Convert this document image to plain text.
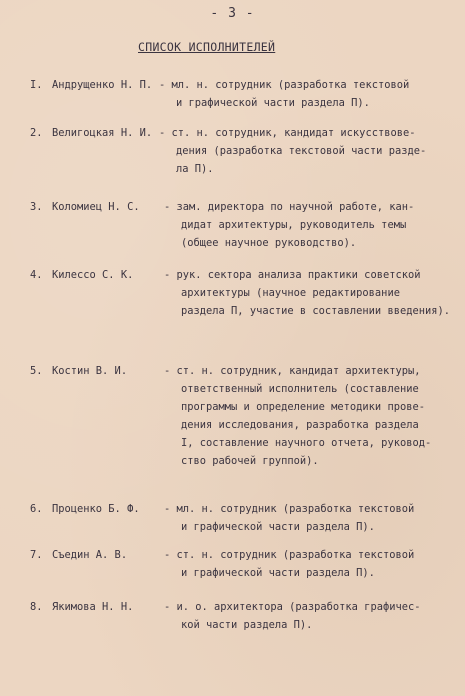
- 3 -
СПИСОК ИСПОЛНИТЕЛЕЙ
I. Андрущенко Н. П. - мл. н. сотрудник (разработка текстовой
и графической части раздела П).
2. Велигоцкая Н. И. - ст. н. сотрудник, кандидат искусствове-
дения (разработка текстовой части разде-
ла П).
3. Коломиец Н. С. - зам. директора по научной работе, кан-
дидат архитектуры, руководитель темы
(общее научное руководство).
4. Килессо С. К.	- рук. сектора анализа практики советской
архитектуры (научное редактирование
раздела П, участие в составлении введения).
5. Костин В. И.	- ст. н. сотрудник, кандидат архитектуры,
ответственный исполнитель (составление
программы и определение методики прове-
дения исследования, разработка раздела
I, составление научного отчета, руковод-
ство рабочей группой).
6. Проценко Б. Ф. - мл. н. сотрудник (разработка текстовой
и графической части раздела П).
7. Съедин А. В.	- ст. н. сотрудник (разработка текстовой
и графической части раздела П).
8. Якимова Н. Н.	- и. о. архитектора (разработка графичес-
кой части раздела П).
